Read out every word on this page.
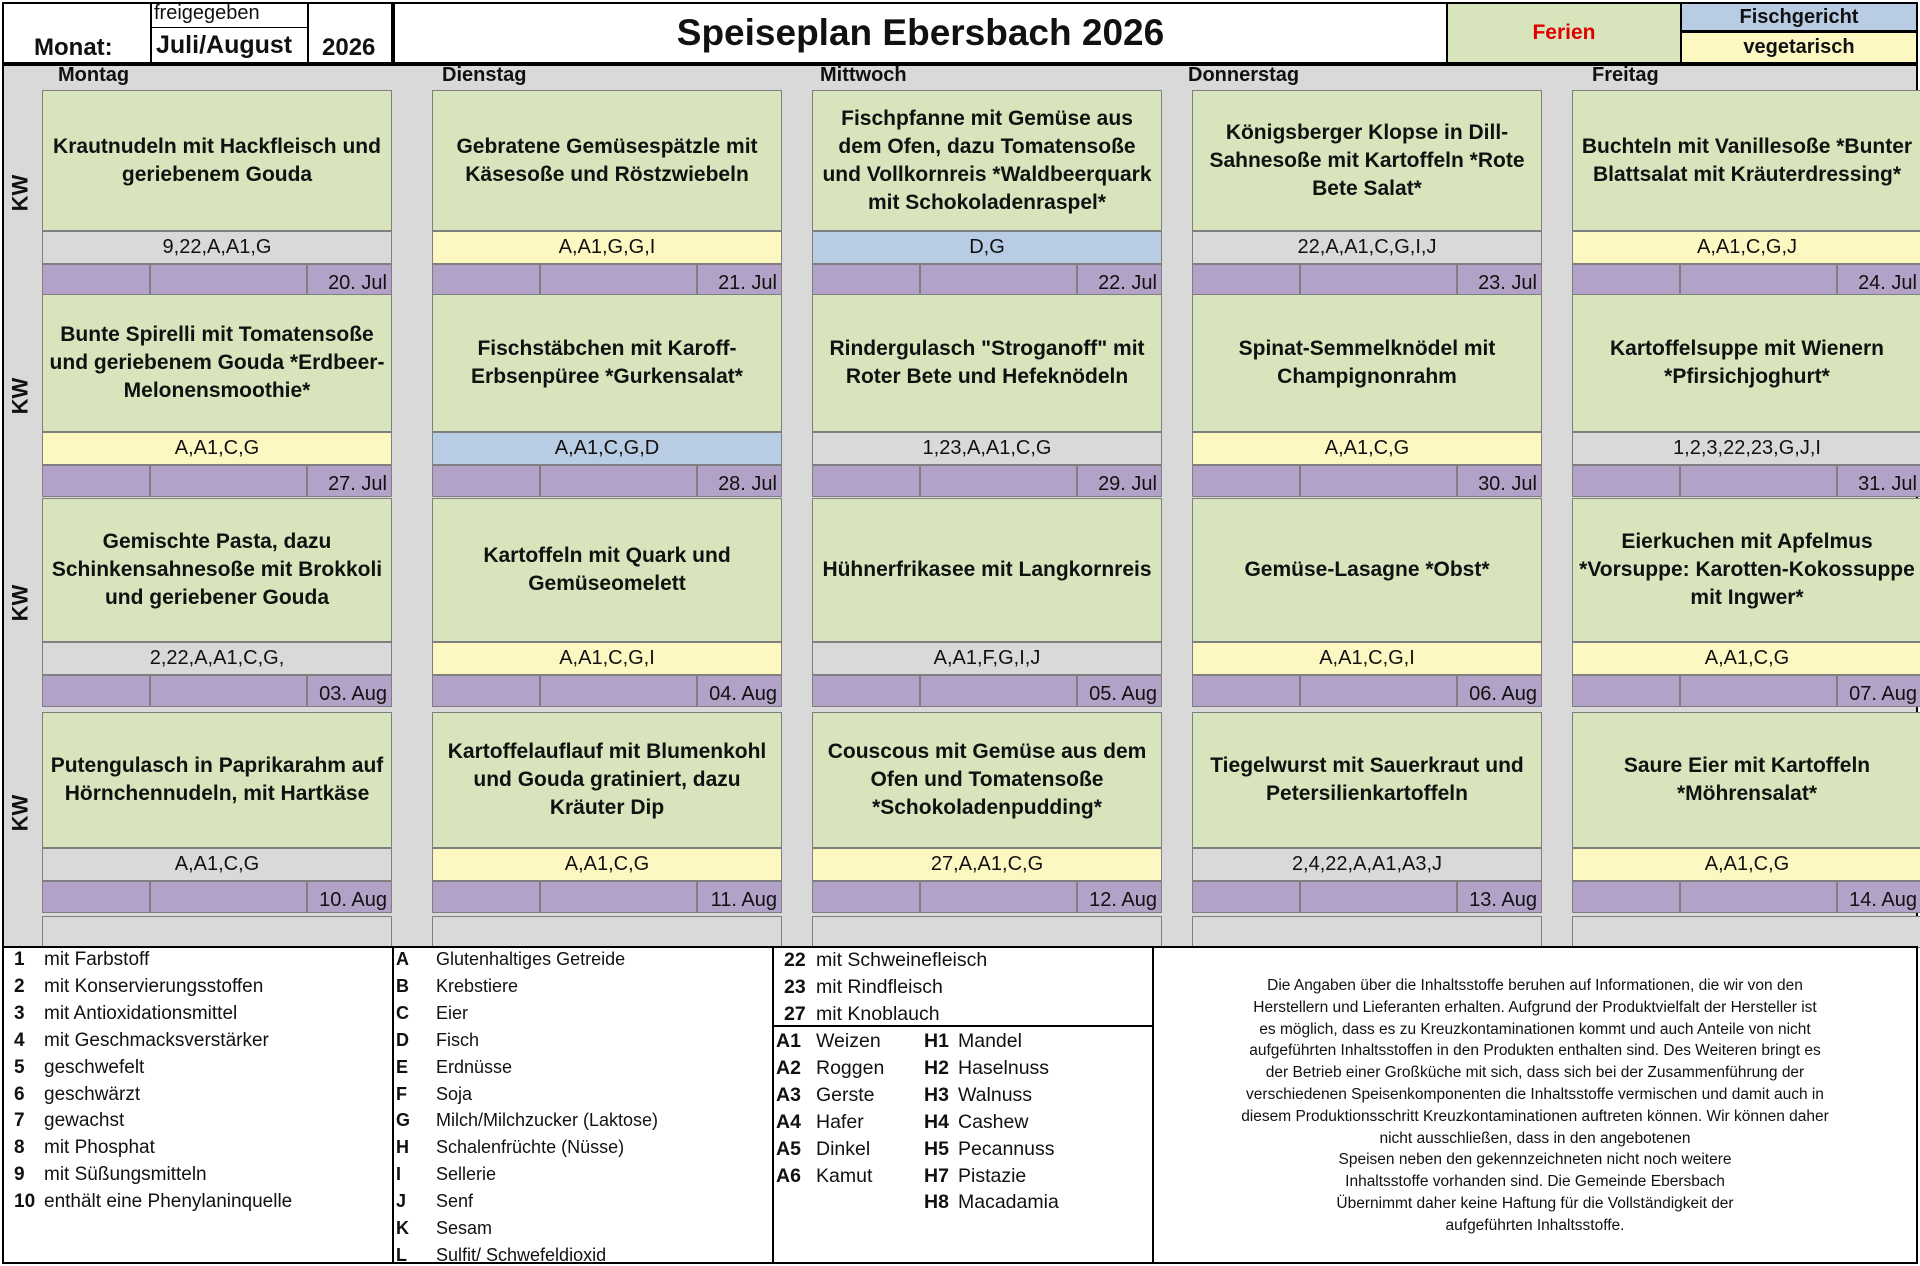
Monat:
freigegeben
Juli/August 2026	Speiseplan Ebersbach 2026	Ferien
Fischgericht
vegetarisch
Montag	Dienstag	Mittwoch	Donnerstag	Freitag
KW
Krautnudeln mit Hackfleisch und geriebenem Gouda
9,22,A,A1,G
20. Jul
Gebratene Gemüsespätzle mit Käsesoße und Röstzwiebeln
A,A1,G,G,I
21. Jul
Fischpfanne mit Gemüse aus dem Ofen, dazu Tomatensoße und Vollkornreis *Waldbeerquark mit Schokoladenraspel*
D,G
22. Jul
Königsberger Klopse in Dill-Sahnesoße mit Kartoffeln *Rote Bete Salat*
22,A,A1,C,G,I,J
23. Jul
Buchteln mit Vanillesoße *Bunter Blattsalat mit Kräuterdressing*
A,A1,C,G,J
24. Jul
KW
Bunte Spirelli mit Tomatensoße und geriebenem Gouda *Erdbeer-Melonensmoothie*
A,A1,C,G
27. Jul
Fischstäbchen mit Karoff-Erbsenpüree *Gurkensalat*
A,A1,C,G,D
28. Jul
Rindergulasch "Stroganoff" mit Roter Bete und Hefeknödeln
1,23,A,A1,C,G
29. Jul
Spinat-Semmelknödel mit Champignonrahm
A,A1,C,G
30. Jul
Kartoffelsuppe mit Wienern *Pfirsichjoghurt*
1,2,3,22,23,G,J,I
31. Jul
KW
Gemischte Pasta, dazu Schinkensahnesoße mit Brokkoli und geriebener Gouda
2,22,A,A1,C,G,
03. Aug
Kartoffeln mit Quark und Gemüseomelett
A,A1,C,G,I
04. Aug
Hühnerfrikasee mit Langkornreis
A,A1,F,G,I,J
05. Aug
Gemüse-Lasagne *Obst*
A,A1,C,G,I
06. Aug
Eierkuchen mit Apfelmus *Vorsuppe: Karotten-Kokossuppe mit Ingwer*
A,A1,C,G
07. Aug
KW
Putengulasch in Paprikarahm auf Hörnchennudeln, mit Hartkäse
A,A1,C,G
10. Aug
Kartoffelauflauf mit Blumenkohl und Gouda gratiniert, dazu Kräuter Dip
A,A1,C,G
11. Aug
Couscous mit Gemüse aus dem Ofen und Tomatensoße *Schokoladenpudding*
27,A,A1,C,G
12. Aug
Tiegelwurst mit Sauerkraut und Petersilienkartoffeln
2,4,22,A,A1,A3,J
13. Aug
Saure Eier mit Kartoffeln *Möhrensalat*
A,A1,C,G
14. Aug
1 mit Farbstoff
2 mit Konservierungsstoffen
3 mit Antioxidationsmittel
4 mit Geschmacksverstärker
5 geschwefelt
6 geschwärzt
7 gewachst
8 mit Phosphat
9 mit Süßungsmitteln
10 enthält eine Phenylaninquelle
A Glutenhaltiges Getreide
B Krebstiere
C Eier
D Fisch
E Erdnüsse
F Soja
G Milch/Milchzucker (Laktose)
H Schalenfrüchte (Nüsse)
I Sellerie
J Senf
K Sesam
L Sulfit/ Schwefeldioxid
22 mit Schweinefleisch
23 mit Rindfleisch
27 mit Knoblauch
A1 Weizen
A2 Roggen
A3 Gerste
A4 Hafer
A5 Dinkel
A6 Kamut
H1 Mandel
H2 Haselnuss
H3 Walnuss
H4 Cashew
H5 Pecannuss
H7 Pistazie
H8 Macadamia
Die Angaben über die Inhaltsstoffe beruhen auf Informationen, die wir von den
Herstellern und Lieferanten erhalten. Aufgrund der Produktvielfalt der Hersteller ist
es möglich, dass es zu Kreuzkontaminationen kommt und auch Anteile von nicht
aufgeführten Inhaltsstoffen in den Produkten enthalten sind. Des Weiteren bringt es
der Betrieb einer Großküche mit sich, dass sich bei der Zusammenführung der
verschiedenen Speisenkomponenten die Inhaltsstoffe vermischen und damit auch in
diesem Produktionsschritt Kreuzkontaminationen auftreten können. Wir können daher
nicht ausschließen, dass in den angebotenen
Speisen neben den gekennzeichneten nicht noch weitere
Inhaltsstoffe vorhanden sind. Die Gemeinde Ebersbach
Übernimmt daher keine Haftung für die Vollständigkeit der
aufgeführten Inhaltsstoffe.
